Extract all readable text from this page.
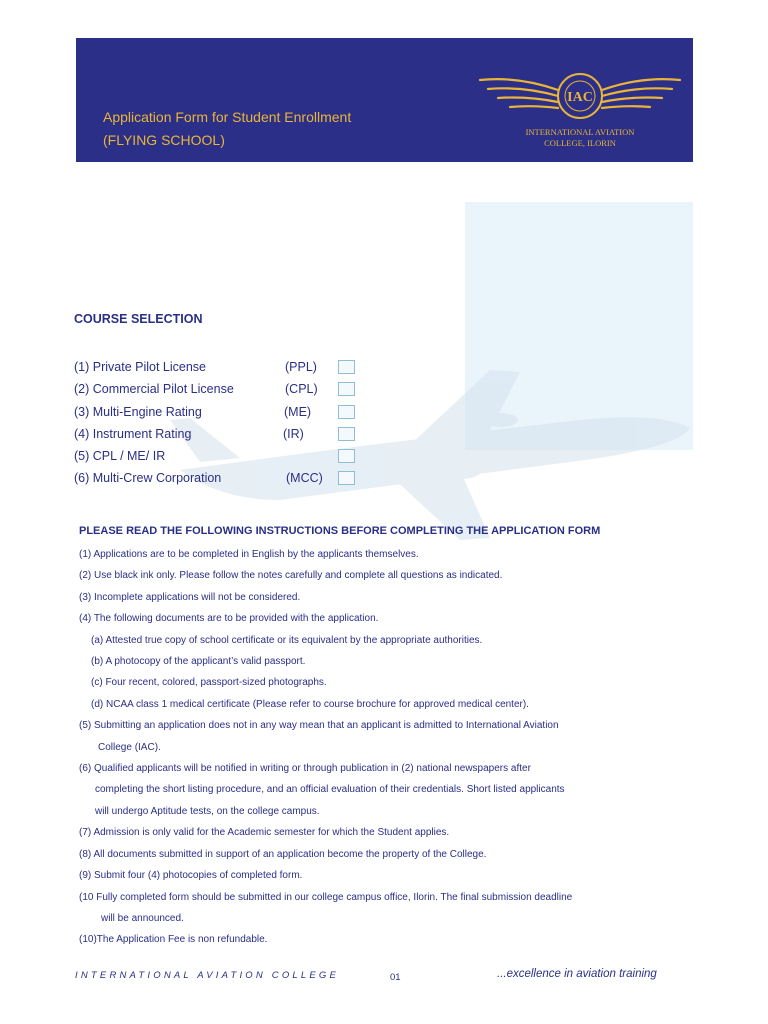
Application Form for Student Enrollment
(FLYING SCHOOL)
IAC
INTERNATIONAL AVIATION
COLLEGE, ILORIN
COURSE SELECTION
(1) Private Pilot License	(PPL)
(2) Commercial Pilot License	(CPL)
(3) Multi-Engine Rating	(ME)
(4) Instrument Rating	(IR)
(5) CPL / ME/ IR
(6) Multi-Crew Corporation	(MCC)
PLEASE READ THE FOLLOWING INSTRUCTIONS BEFORE COMPLETING THE APPLICATION FORM
(1) Applications are to be completed in English by the applicants themselves.
(2) Use black ink only. Please follow the notes carefully and complete all questions as indicated.
(3) Incomplete applications will not be considered.
(4) The following documents are to be provided with the application.
(a) Attested true copy of school certificate or its equivalent by the appropriate authorities.
(b) A photocopy of the applicant’s valid passport.
(c) Four recent, colored, passport-sized photographs.
(d) NCAA class 1 medical certificate (Please refer to course brochure for approved medical center).
(5) Submitting an application does not in any way mean that an applicant is admitted to International Aviation
College (IAC).
(6) Qualified applicants will be notified in writing or through publication in (2) national newspapers after
completing the short listing procedure, and an official evaluation of their credentials. Short listed applicants
will undergo Aptitude tests, on the college campus.
(7) Admission is only valid for the Academic semester for which the Student applies.
(8) All documents submitted in support of an application become the property of the College.
(9) Submit four (4) photocopies of completed form.
(10 Fully completed form should be submitted in our college campus office, Ilorin. The final submission deadline
will be announced.
(10)The Application Fee is non refundable.
INTERNATIONAL AVIATION COLLEGE	01	...excellence in aviation training
